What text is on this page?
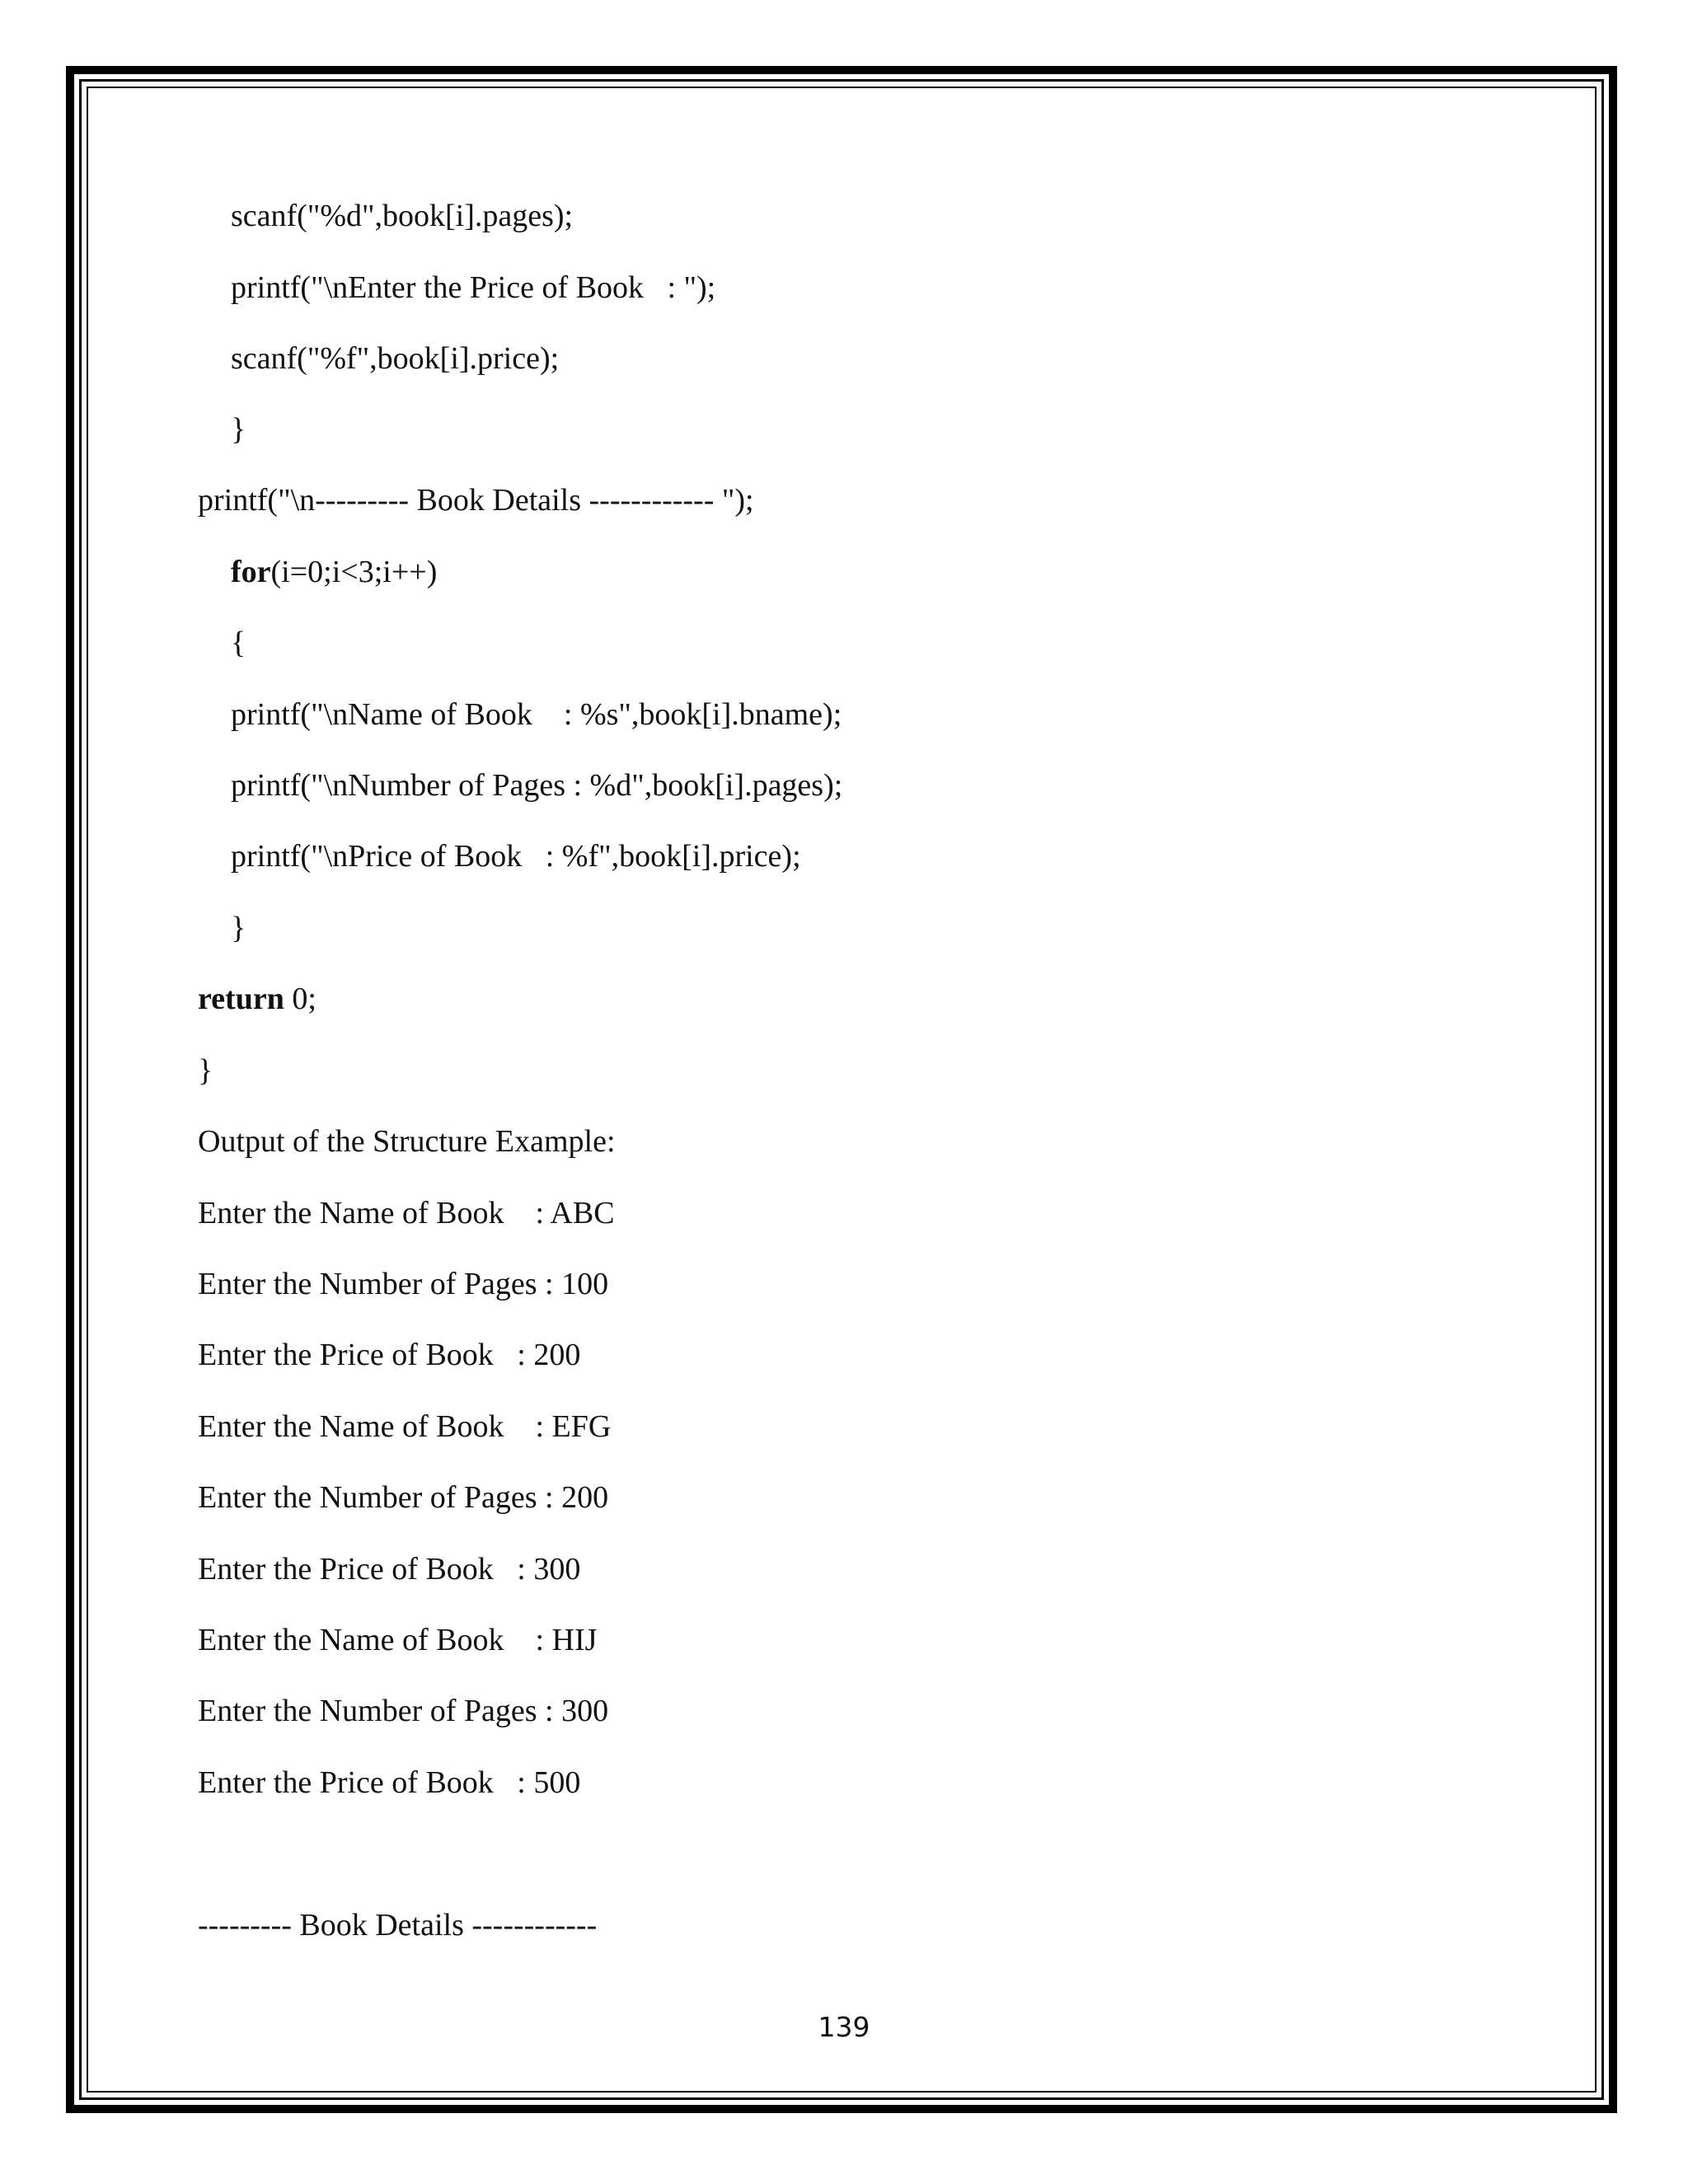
scanf("%d",book[i].pages);
printf("\nEnter the Price of Book   : ");
scanf("%f",book[i].price);
}
printf("\n--------- Book Details ------------ ");
for(i=0;i<3;i++)
{
printf("\nName of Book    : %s",book[i].bname);
printf("\nNumber of Pages : %d",book[i].pages);
printf("\nPrice of Book   : %f",book[i].price);
}
return 0;
}
Output of the Structure Example:
Enter the Name of Book    : ABC
Enter the Number of Pages : 100
Enter the Price of Book   : 200
Enter the Name of Book    : EFG
Enter the Number of Pages : 200
Enter the Price of Book   : 300
Enter the Name of Book    : HIJ
Enter the Number of Pages : 300
Enter the Price of Book   : 500
--------- Book Details ------------
139
